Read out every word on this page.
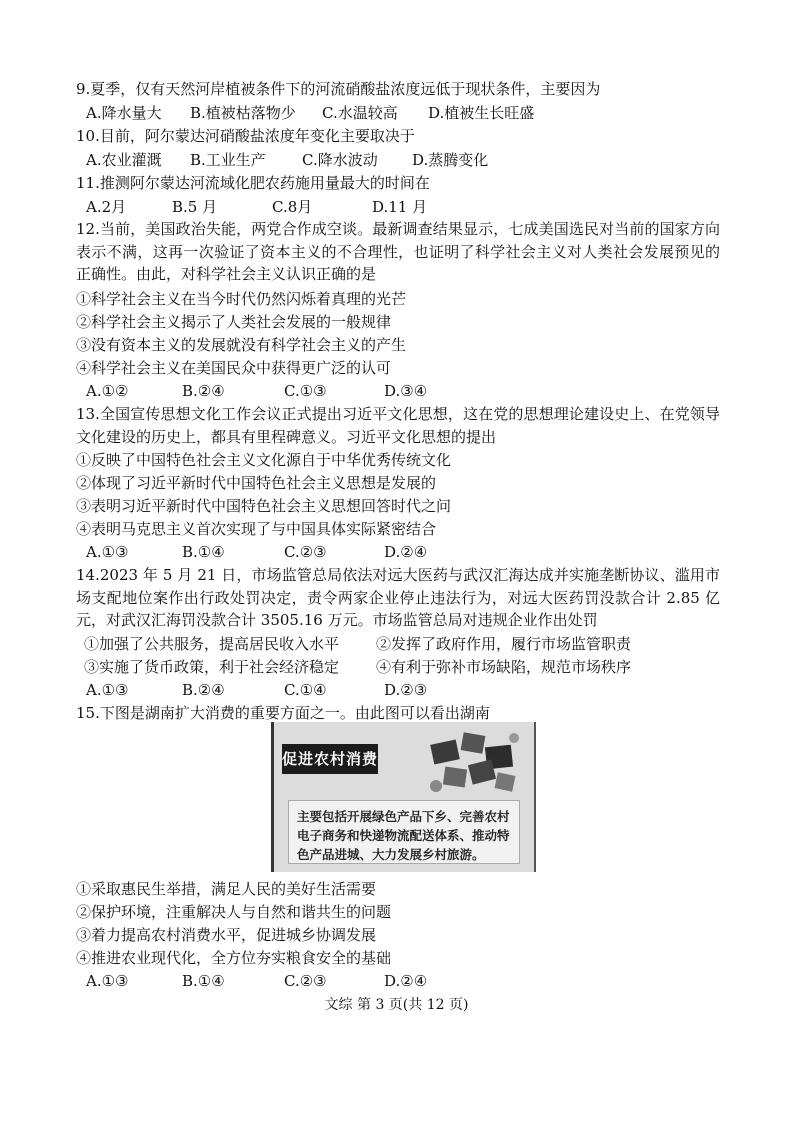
9.夏季，仅有天然河岸植被条件下的河流硝酸盐浓度远低于现状条件，主要因为
A.降水量大 B.植被枯落物少 C.水温较高 D.植被生长旺盛
10.目前，阿尔蒙达河硝酸盐浓度年变化主要取决于
A.农业灌溉 B.工业生产 C.降水波动 D.蒸腾变化
11.推测阿尔蒙达河流域化肥农药施用量最大的时间在
A.2月	B.5 月	C.8月	D.11 月
12.当前，美国政治失能，两党合作成空谈。最新调查结果显示，七成美国选民对当前的国家方向表示不满，这再一次验证了资本主义的不合理性，也证明了科学社会主义对人类社会发展预见的正确性。由此，对科学社会主义认识正确的是
①科学社会主义在当今时代仍然闪烁着真理的光芒
②科学社会主义揭示了人类社会发展的一般规律
③没有资本主义的发展就没有科学社会主义的产生
④科学社会主义在美国民众中获得更广泛的认可
A.①②	B.②④	C.①③	D.③④
13.全国宣传思想文化工作会议正式提出习近平文化思想，这在党的思想理论建设史上、在党领导文化建设的历史上，都具有里程碑意义。习近平文化思想的提出
①反映了中国特色社会主义文化源自于中华优秀传统文化
②体现了习近平新时代中国特色社会主义思想是发展的
③表明习近平新时代中国特色社会主义思想回答时代之问
④表明马克思主义首次实现了与中国具体实际紧密结合
A.①③	B.①④	C.②③	D.②④
14.2023 年 5 月 21 日，市场监管总局依法对远大医药与武汉汇海达成并实施垄断协议、滥用市场支配地位案作出行政处罚决定，责令两家企业停止违法行为，对远大医药罚没款合计 2.85 亿元，对武汉汇海罚没款合计 3505.16 万元。市场监管总局对违规企业作出处罚
①加强了公共服务，提高居民收入水平 ②发挥了政府作用，履行市场监管职责
③实施了货币政策，利于社会经济稳定 ④有利于弥补市场缺陷，规范市场秩序
A.①③	B.②④	C.①④	D.②③
15.下图是湖南扩大消费的重要方面之一。由此图可以看出湖南
促进农村消费
主要包括开展绿色产品下乡、完善农村电子商务和快递物流配送体系、推动特色产品进城、大力发展乡村旅游。
①采取惠民生举措，满足人民的美好生活需要
②保护环境，注重解决人与自然和谐共生的问题
③着力提高农村消费水平，促进城乡协调发展
④推进农业现代化，全方位夯实粮食安全的基础
A.①③	B.①④	C.②③	D.②④
文综 第 3 页(共 12 页)
